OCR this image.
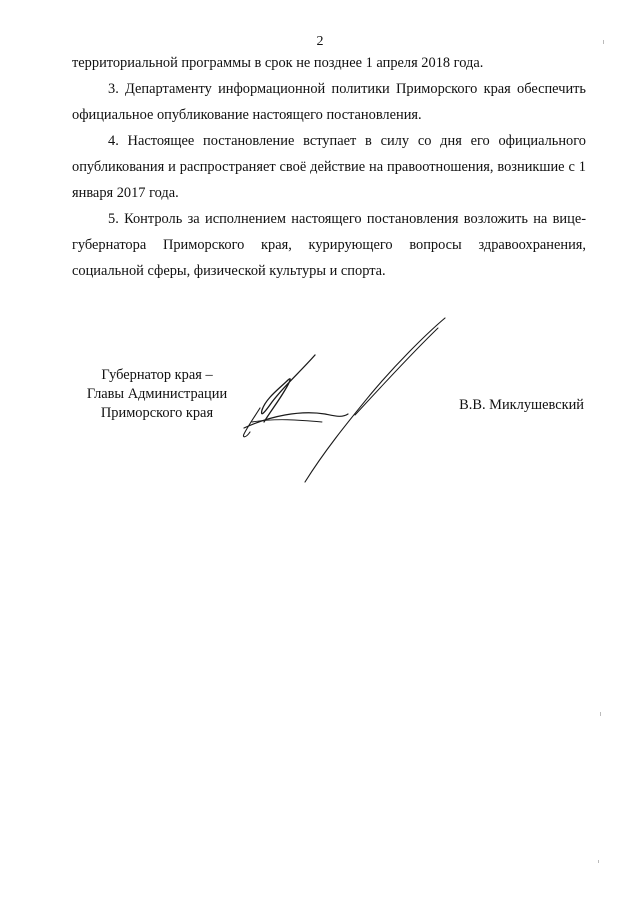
2

территориальной программы в срок не позднее 1 апреля 2018 года.

3. Департаменту информационной политики Приморского края обеспечить официальное опубликование настоящего постановления.

4. Настоящее постановление вступает в силу со дня его официального опубликования и распространяет своё действие на правоотношения, возникшие с 1 января 2017 года.

5. Контроль за исполнением настоящего постановления возложить на вице-губернатора Приморского края, курирующего вопросы здравоохранения, социальной сферы, физической культуры и спорта.

Губернатор края –
Главы Администрации
Приморского края	В.В. Миклушевский
